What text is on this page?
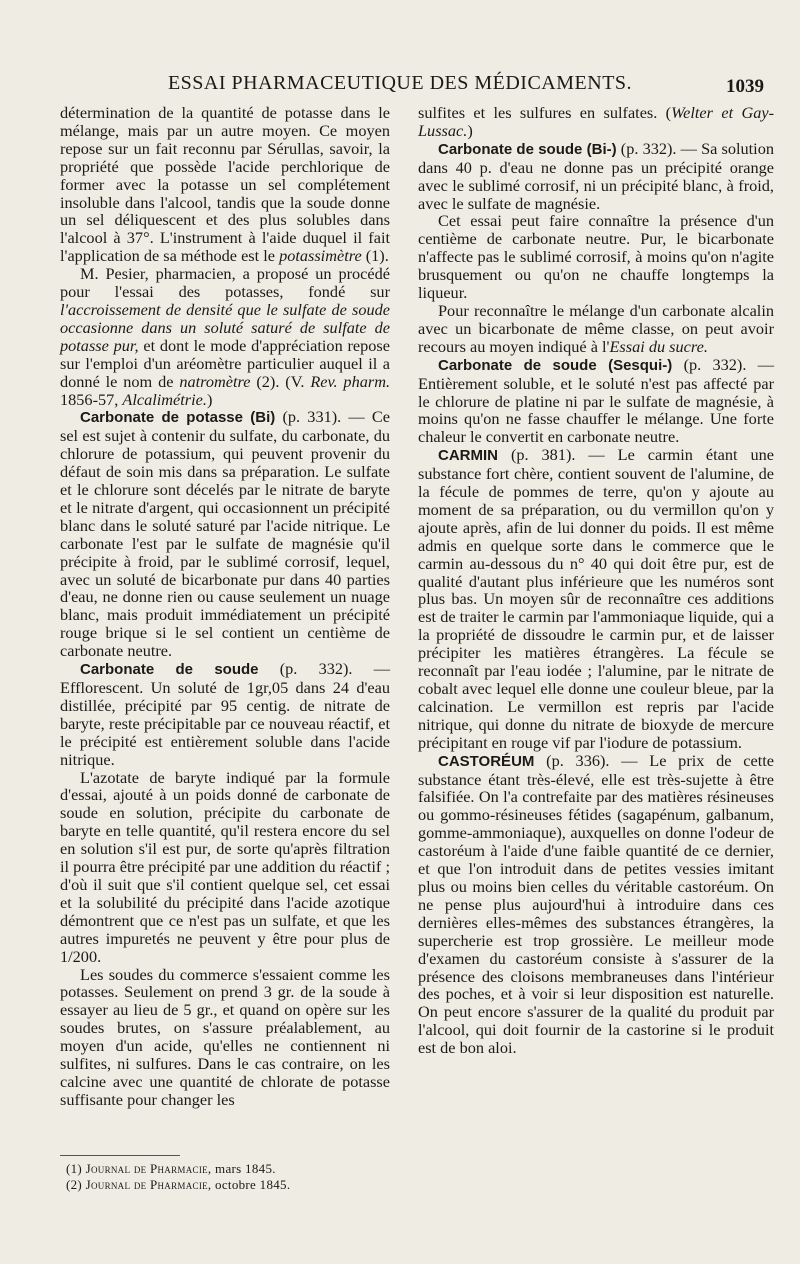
ESSAI PHARMACEUTIQUE DES MÉDICAMENTS.	1039

détermination de la quantité de potasse dans le mélange, mais par un autre moyen. Ce moyen repose sur un fait reconnu par Sérullas, savoir, la propriété que possède l'acide perchlorique de former avec la potasse un sel complétement insoluble dans l'alcool, tandis que la soude donne un sel déliquescent et des plus solubles dans l'alcool à 37°. L'instrument à l'aide duquel il fait l'application de sa méthode est le potassimètre (1).

M. Pesier, pharmacien, a proposé un procédé pour l'essai des potasses, fondé sur l'accroissement de densité que le sulfate de soude occasionne dans un soluté saturé de sulfate de potasse pur, et dont le mode d'appréciation repose sur l'emploi d'un aréomètre particulier auquel il a donné le nom de natromètre (2). (V. Rev. pharm. 1856-57, Alcalimétrie.)

Carbonate de potasse (Bi) (p. 331). — Ce sel est sujet à contenir du sulfate, du carbonate, du chlorure de potassium, qui peuvent provenir du défaut de soin mis dans sa préparation. Le sulfate et le chlorure sont décelés par le nitrate de baryte et le nitrate d'argent, qui occasionnent un précipité blanc dans le soluté saturé par l'acide nitrique. Le carbonate l'est par le sulfate de magnésie qu'il précipite à froid, par le sublimé corrosif, lequel, avec un soluté de bicarbonate pur dans 40 parties d'eau, ne donne rien ou cause seulement un nuage blanc, mais produit immédiatement un précipité rouge brique si le sel contient un centième de carbonate neutre.

Carbonate de soude (p. 332). — Efflorescent. Un soluté de 1gr,05 dans 24 d'eau distillée, précipité par 95 centig. de nitrate de baryte, reste précipitable par ce nouveau réactif, et le précipité est entièrement soluble dans l'acide nitrique.

L'azotate de baryte indiqué par la formule d'essai, ajouté à un poids donné de carbonate de soude en solution, précipite du carbonate de baryte en telle quantité, qu'il restera encore du sel en solution s'il est pur, de sorte qu'après filtration il pourra être précipité par une addition du réactif ; d'où il suit que s'il contient quelque sel, cet essai et la solubilité du précipité dans l'acide azotique démontrent que ce n'est pas un sulfate, et que les autres impuretés ne peuvent y être pour plus de 1/200.

Les soudes du commerce s'essaient comme les potasses. Seulement on prend 3 gr. de la soude à essayer au lieu de 5 gr., et quand on opère sur les soudes brutes, on s'assure préalablement, au moyen d'un acide, qu'elles ne contiennent ni sulfites, ni sulfures. Dans le cas contraire, on les calcine avec une quantité de chlorate de potasse suffisante pour changer les

sulfites et les sulfures en sulfates. (Welter et Gay-Lussac.)

Carbonate de soude (Bi-) (p. 332). — Sa solution dans 40 p. d'eau ne donne pas un précipité orange avec le sublimé corrosif, ni un précipité blanc, à froid, avec le sulfate de magnésie.

Cet essai peut faire connaître la présence d'un centième de carbonate neutre. Pur, le bicarbonate n'affecte pas le sublimé corrosif, à moins qu'on n'agite brusquement ou qu'on ne chauffe longtemps la liqueur.

Pour reconnaître le mélange d'un carbonate alcalin avec un bicarbonate de même classe, on peut avoir recours au moyen indiqué à l'Essai du sucre.

Carbonate de soude (Sesqui-) (p. 332). — Entièrement soluble, et le soluté n'est pas affecté par le chlorure de platine ni par le sulfate de magnésie, à moins qu'on ne fasse chauffer le mélange. Une forte chaleur le convertit en carbonate neutre.

CARMIN (p. 381). — Le carmin étant une substance fort chère, contient souvent de l'alumine, de la fécule de pommes de terre, qu'on y ajoute au moment de sa préparation, ou du vermillon qu'on y ajoute après, afin de lui donner du poids. Il est même admis en quelque sorte dans le commerce que le carmin au-dessous du n° 40 qui doit être pur, est de qualité d'autant plus inférieure que les numéros sont plus bas. Un moyen sûr de reconnaître ces additions est de traiter le carmin par l'ammoniaque liquide, qui a la propriété de dissoudre le carmin pur, et de laisser précipiter les matières étrangères. La fécule se reconnaît par l'eau iodée ; l'alumine, par le nitrate de cobalt avec lequel elle donne une couleur bleue, par la calcination. Le vermillon est repris par l'acide nitrique, qui donne du nitrate de bioxyde de mercure précipitant en rouge vif par l'iodure de potassium.

CASTORÉUM (p. 336). — Le prix de cette substance étant très-élevé, elle est très-sujette à être falsifiée. On l'a contrefaite par des matières résineuses ou gommo-résineuses fétides (sagapénum, galbanum, gomme-ammoniaque), auxquelles on donne l'odeur de castoréum à l'aide d'une faible quantité de ce dernier, et que l'on introduit dans de petites vessies imitant plus ou moins bien celles du véritable castoréum. On ne pense plus aujourd'hui à introduire dans ces dernières elles-mêmes des substances étrangères, la supercherie est trop grossière. Le meilleur mode d'examen du castoréum consiste à s'assurer de la présence des cloisons membraneuses dans l'intérieur des poches, et à voir si leur disposition est naturelle. On peut encore s'assurer de la qualité du produit par l'alcool, qui doit fournir de la castorine si le produit est de bon aloi.

(1) Journal de Pharmacie, mars 1845.

(2) Journal de Pharmacie, octobre 1845.
